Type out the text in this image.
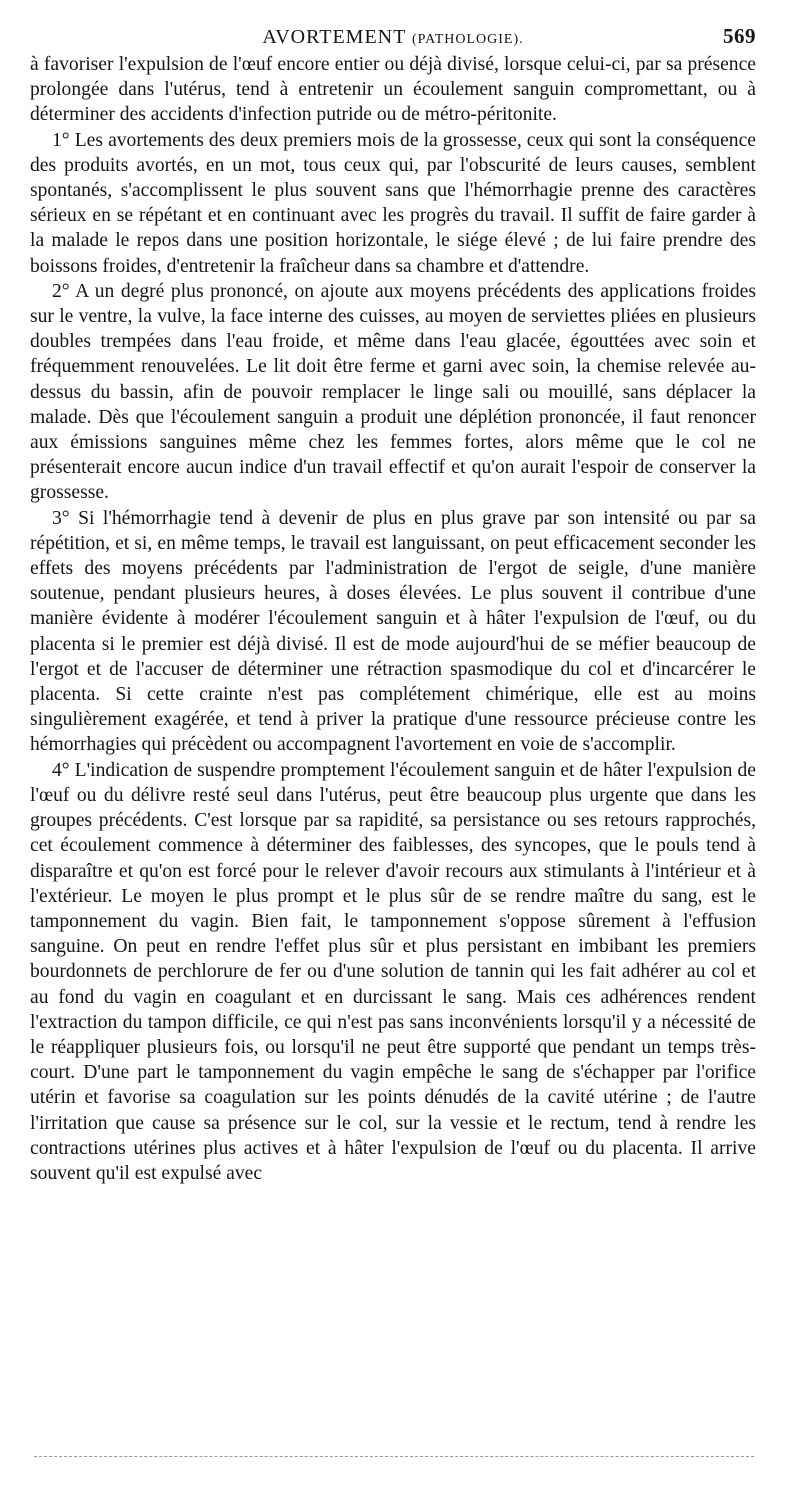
AVORTEMENT (PATHOLOGIE).	569

à favoriser l'expulsion de l'œuf encore entier ou déjà divisé, lorsque celui-ci, par sa présence prolongée dans l'utérus, tend à entretenir un écoulement sanguin compromettant, ou à déterminer des accidents d'infection putride ou de métro-péritonite.

1° Les avortements des deux premiers mois de la grossesse, ceux qui sont la conséquence des produits avortés, en un mot, tous ceux qui, par l'obscurité de leurs causes, semblent spontanés, s'accomplissent le plus souvent sans que l'hémorrhagie prenne des caractères sérieux en se répétant et en continuant avec les progrès du travail. Il suffit de faire garder à la malade le repos dans une position horizontale, le siége élevé ; de lui faire prendre des boissons froides, d'entretenir la fraîcheur dans sa chambre et d'attendre.

2° A un degré plus prononcé, on ajoute aux moyens précédents des applications froides sur le ventre, la vulve, la face interne des cuisses, au moyen de serviettes pliées en plusieurs doubles trempées dans l'eau froide, et même dans l'eau glacée, égouttées avec soin et fréquemment renouvelées. Le lit doit être ferme et garni avec soin, la chemise relevée au-dessus du bassin, afin de pouvoir remplacer le linge sali ou mouillé, sans déplacer la malade. Dès que l'écoulement sanguin a produit une déplétion prononcée, il faut renoncer aux émissions sanguines même chez les femmes fortes, alors même que le col ne présenterait encore aucun indice d'un travail effectif et qu'on aurait l'espoir de conserver la grossesse.

3° Si l'hémorrhagie tend à devenir de plus en plus grave par son intensité ou par sa répétition, et si, en même temps, le travail est languissant, on peut efficacement seconder les effets des moyens précédents par l'administration de l'ergot de seigle, d'une manière soutenue, pendant plusieurs heures, à doses élevées. Le plus souvent il contribue d'une manière évidente à modérer l'écoulement sanguin et à hâter l'expulsion de l'œuf, ou du placenta si le premier est déjà divisé. Il est de mode aujourd'hui de se méfier beaucoup de l'ergot et de l'accuser de déterminer une rétraction spasmodique du col et d'incarcérer le placenta. Si cette crainte n'est pas complétement chimérique, elle est au moins singulièrement exagérée, et tend à priver la pratique d'une ressource précieuse contre les hémorrhagies qui précèdent ou accompagnent l'avortement en voie de s'accomplir.

4° L'indication de suspendre promptement l'écoulement sanguin et de hâter l'expulsion de l'œuf ou du délivre resté seul dans l'utérus, peut être beaucoup plus urgente que dans les groupes précédents. C'est lorsque par sa rapidité, sa persistance ou ses retours rapprochés, cet écoulement commence à déterminer des faiblesses, des syncopes, que le pouls tend à disparaître et qu'on est forcé pour le relever d'avoir recours aux stimulants à l'intérieur et à l'extérieur. Le moyen le plus prompt et le plus sûr de se rendre maître du sang, est le tamponnement du vagin. Bien fait, le tamponnement s'oppose sûrement à l'effusion sanguine. On peut en rendre l'effet plus sûr et plus persistant en imbibant les premiers bourdonnets de perchlorure de fer ou d'une solution de tannin qui les fait adhérer au col et au fond du vagin en coagulant et en durcissant le sang. Mais ces adhérences rendent l'extraction du tampon difficile, ce qui n'est pas sans inconvénients lorsqu'il y a nécessité de le réappliquer plusieurs fois, ou lorsqu'il ne peut être supporté que pendant un temps très-court. D'une part le tamponnement du vagin empêche le sang de s'échapper par l'orifice utérin et favorise sa coagulation sur les points dénudés de la cavité utérine ; de l'autre l'irritation que cause sa présence sur le col, sur la vessie et le rectum, tend à rendre les contractions utérines plus actives et à hâter l'expulsion de l'œuf ou du placenta. Il arrive souvent qu'il est expulsé avec
